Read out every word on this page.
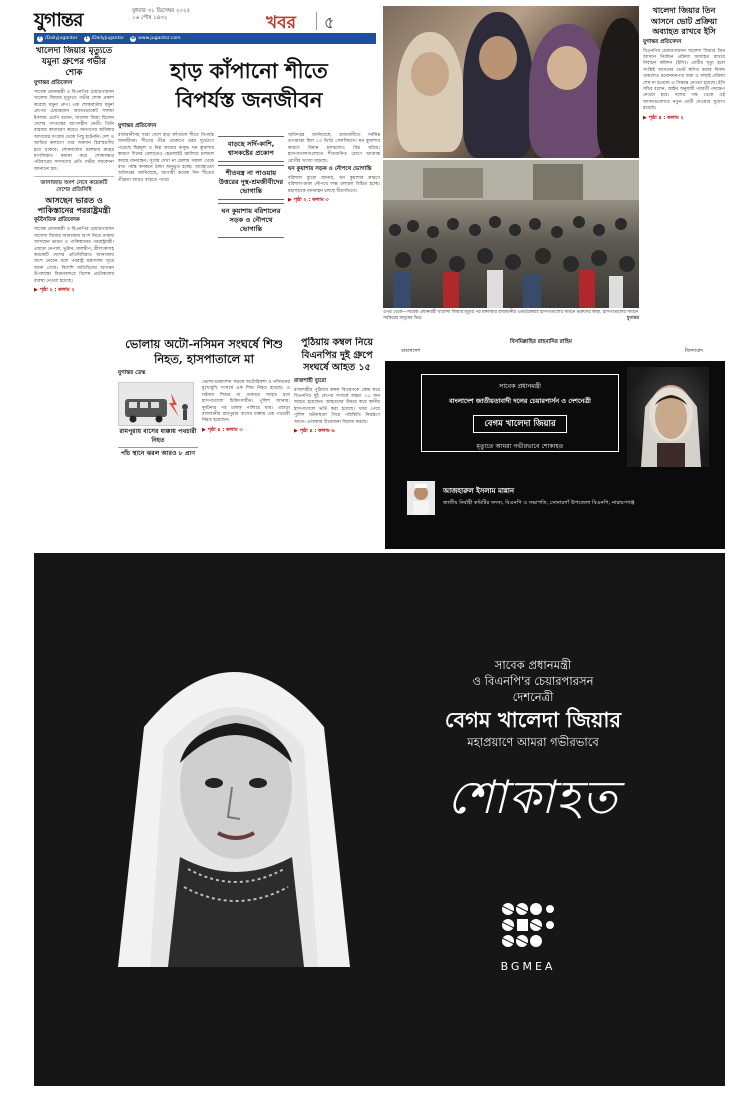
যুগান্তর	বুধবার ৩১ ডিসেম্বর ২০২৫
১৬ পৌষ ১৪৩২
f /Dailyjugantor	t /DailyJugantor w www.jugantor.com
খবর ৫
খালেদা জিয়ার মৃত্যুতে যমুনা গ্রুপের গভীর শোক
যুগান্তর প্রতিবেদন
সাবেক প্রধানমন্ত্রী ও বিএনপির চেয়ারপারসন খালেদা জিয়ার মৃত্যুতে গভীর শোক প্রকাশ করেছে যমুনা গ্রুপ। এক শোকবার্তায় যমুনা গ্রুপের চেয়ারম্যান অ্যাডভোকেট সালমা ইসলাম এমপি বলেন, খালেদা জিয়া ছিলেন দেশের গণতন্ত্রের আপসহীন নেত্রী। তিনি বারবার কারাবরণ করেও জনগণের অধিকার আদায়ের সংগ্রাম থেকে পিছু হটেননি। দেশ ও জাতির কল্যাণে তার অবদান চিরস্মরণীয় হয়ে থাকবে। শোকবার্তায় মরহুমার রুহের মাগফিরাত কামনা করে শোকসন্তপ্ত পরিবারের সদস্যদের প্রতি গভীর সমবেদনা জানানো হয়।
জানাজায় অংশ নেবে কয়েকটি দেশের প্রতিনিধি
আসছেন ভারত ও পাকিস্তানের পররাষ্ট্রমন্ত্রী
কূটনৈতিক প্রতিবেদক
সাবেক প্রধানমন্ত্রী ও বিএনপির চেয়ারপারসন খালেদা জিয়ার জানাজায় অংশ নিতে ঢাকায় আসছেন ভারত ও পাকিস্তানের পররাষ্ট্রমন্ত্রী। এছাড়া নেপাল, ভুটান, মালদ্বীপ, শ্রীলংকাসহ কয়েকটি দেশের প্রতিনিধিরাও জানাজায় অংশ নেবেন বলে পররাষ্ট্র মন্ত্রণালয় সূত্রে জানা গেছে। বিদেশি অতিথিদের আগমন উপলক্ষ্যে বিমানবন্দরে বিশেষ প্রটোকলের ব্যবস্থা নেওয়া হয়েছে।
▶ পৃষ্ঠা ২ : কলাম ২
হাড় কাঁপানো শীতে
বিপর্যস্ত জনজীবন
যুগান্তর প্রতিবেদন
রাজধানীসহ সারা দেশে হাড় কাঁপানো শীতে বিপর্যস্ত জনজীবন। শীতের তীব্র প্রকোপে চরম দুর্ভোগে পড়েছে ছিন্নমূল ও নিম্ন আয়ের মানুষ। ঘন কুয়াশার কারণে দিনের বেলাতেও হেডলাইট জ্বালিয়ে চলাচল করছে যানবাহন। সূর্যের দেখা না মেলায় সকাল থেকে রাত পর্যন্ত কনকনে ঠান্ডা অনুভূত হচ্ছে। আবহাওয়া অধিদপ্তর জানিয়েছে, আগামী কয়েক দিন শীতের তীব্রতা আরও বাড়তে পারে।
বাড়ছে সর্দি-কাশি, শ্বাসকষ্টের প্রকোপ
শীতবস্ত্র না পাওয়ায় উত্তরের দুস্থ-শ্রমজীবীদের ভোগান্তি
ঘন কুয়াশায় বরিশালের সড়ক ও নৌপথে ভোগান্তি
অধিদপ্তর জানিয়েছে, রাজধানীতে সর্বনিম্ন তাপমাত্রা ছিল ১৩ ডিগ্রি সেলসিয়াস। ঘন কুয়াশার কারণে বিমান চলাচলেও বিঘ্ন ঘটছে। হাসপাতালগুলোতে শীতজনিত রোগে আক্রান্ত রোগীর সংখ্যা বাড়ছে।
ঘন কুয়াশায় সড়ক ও নৌপথে ভোগান্তি
বরিশাল ব্যুরো জানায়, ঘন কুয়াশার কারণে বরিশাল-ঢাকা নৌপথে লঞ্চ চলাচল বিঘ্নিত হচ্ছে। মহাসড়কে যানবাহন চলছে ধীরগতিতে।
▶ পৃষ্ঠা ২ : কলাম ৩
ওপর থেকে—সাবেক প্রধানমন্ত্রী খালেদা জিয়ার মৃত্যুর পর মঙ্গলবার রাজধানীর এভারকেয়ার হাসপাতালের সামনে ভক্তদের কান্না, হাসপাতালের সামনে সর্বস্তরের মানুষের ভিড়	যুগান্তর
খালেদা জিয়ার তিন আসনে ভোট প্রক্রিয়া অব্যাহত রাখবে ইসি
যুগান্তর প্রতিবেদন
বিএনপির চেয়ারপারসন খালেদা জিয়ার তিন আসনে নির্বাচন প্রক্রিয়া অব্যাহত রাখবে নির্বাচন কমিশন (ইসি)। প্রার্থীর মৃত্যু হলে সংশ্লিষ্ট আসনের ভোট স্থগিত করার বিধান থাকলেও মনোনয়নপত্র জমা ও বাছাই প্রক্রিয়া শেষ না হওয়ায় এ সিদ্ধান্ত নেওয়া হয়েছে। ইসি সচিব বলেন, আইন অনুযায়ী পরবর্তী পদক্ষেপ নেওয়া হবে। দলের পক্ষ থেকে ওই আসনগুলোতে নতুন প্রার্থী দেওয়ার সুযোগ রয়েছে।
▶ পৃষ্ঠা ৪ : কলাম ২
ভোলায় অটো-নসিমন সংঘর্ষে শিশু নিহত, হাসপাতালে মা
যুগান্তর ডেস্ক
রামপুরায় বাসের ধাক্কায় পথচারী নিহত
পাঁচ স্থানে ঝরল আরও ৮ প্রাণ
ভোলা-চরফ্যাশন সড়কে অটোরিকশা ও নসিমনের মুখোমুখি সংঘর্ষে এক শিশু নিহত হয়েছে। এ ঘটনায় শিশুর মা গুরুতর আহত হয়ে হাসপাতালে চিকিৎসাধীন। পুলিশ জানায়, দুর্ঘটনার পর চালক পালিয়ে যায়। এছাড়া রাজধানীর রামপুরায় বাসের ধাক্কায় এক পথচারী নিহত হয়েছেন।
▶ পৃষ্ঠা ৪ : কলাম ৩
পুঠিয়ায় কম্বল নিয়ে বিএনপির দুই গ্রুপে সংঘর্ষে আহত ১৫
রাজশাহী ব্যুরো
রাজশাহীর পুঠিয়ায় কম্বল বিতরণকে কেন্দ্র করে বিএনপির দুই গ্রুপের সংঘর্ষে অন্তত ১৫ জন আহত হয়েছেন। আহতদের উদ্ধার করে স্থানীয় হাসপাতালে ভর্তি করা হয়েছে। খবর পেয়ে পুলিশ ঘটনাস্থলে গিয়ে পরিস্থিতি নিয়ন্ত্রণে আনে। এলাকায় উত্তেজনা বিরাজ করছে।
▶ পৃষ্ঠা ৪ : কলাম ৬
বাংলাদেশ
বিসমিল্লাহির রাহমানির রাহিম
জিন্দাবাদ
সাবেক প্রধানমন্ত্রী
বাংলাদেশ জাতীয়তাবাদী দলের চেয়ারপার্সন ও দেশনেত্রী
বেগম খালেদা জিয়ার
মৃত্যুতে আমরা গভীরভাবে শোকাহত
আজহারুল ইসলাম মান্নান
জাতীয় নির্বাহী কমিটির সদস্য, বিএনপি ও সভাপতি, সোনারগাঁ উপজেলা বিএনপি, নারায়ণগঞ্জ
সাবেক প্রধানমন্ত্রী
ও বিএনপি'র চেয়ারপারসন
দেশনেত্রী
বেগম খালেদা জিয়ার
মহাপ্রয়াণে আমরা গভীরভাবে
শোকাহত
BGMEA
